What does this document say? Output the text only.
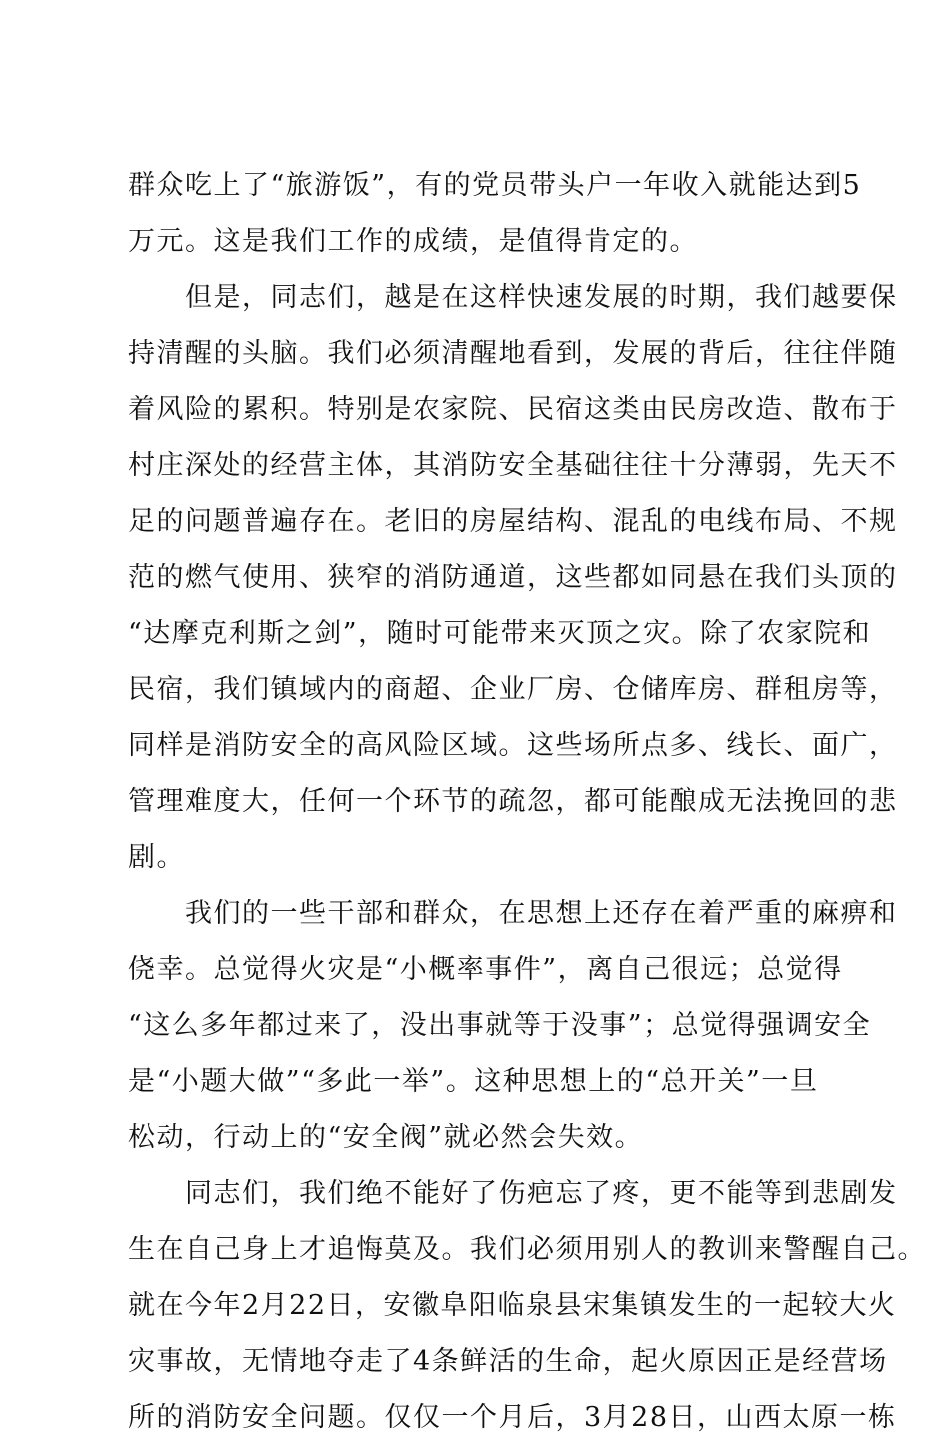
群众吃上了“旅游饭”，有的党员带头户一年收入就能达到5
万元。这是我们工作的成绩，是值得肯定的。
　　但是，同志们，越是在这样快速发展的时期，我们越要保
持清醒的头脑。我们必须清醒地看到，发展的背后，往往伴随
着风险的累积。特别是农家院、民宿这类由民房改造、散布于
村庄深处的经营主体，其消防安全基础往往十分薄弱，先天不
足的问题普遍存在。老旧的房屋结构、混乱的电线布局、不规
范的燃气使用、狭窄的消防通道，这些都如同悬在我们头顶的
“达摩克利斯之剑”，随时可能带来灭顶之灾。除了农家院和
民宿，我们镇域内的商超、企业厂房、仓储库房、群租房等，
同样是消防安全的高风险区域。这些场所点多、线长、面广，
管理难度大，任何一个环节的疏忽，都可能酿成无法挽回的悲
剧。
　　我们的一些干部和群众，在思想上还存在着严重的麻痹和
侥幸。总觉得火灾是“小概率事件”，离自己很远；总觉得
“这么多年都过来了，没出事就等于没事”；总觉得强调安全
是“小题大做”“多此一举”。这种思想上的“总开关”一旦
松动，行动上的“安全阀”就必然会失效。
　　同志们，我们绝不能好了伤疤忘了疼，更不能等到悲剧发
生在自己身上才追悔莫及。我们必须用别人的教训来警醒自己。
就在今年2月22日，安徽阜阳临泉县宋集镇发生的一起较大火
灾事故，无情地夺走了4条鲜活的生命，起火原因正是经营场
所的消防安全问题。仅仅一个月后，3月28日，山西太原一栋
